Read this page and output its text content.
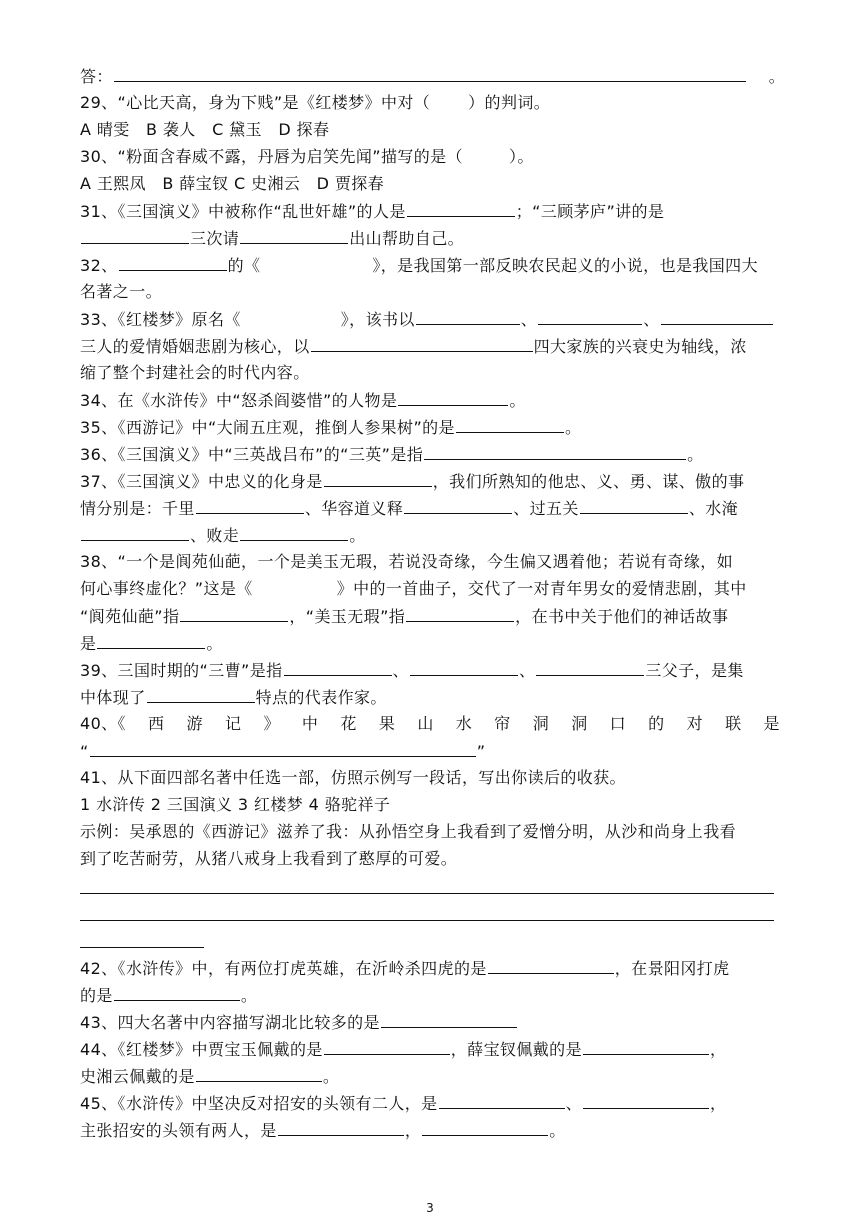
答：	。
29、“心比天高，身为下贱”是《红楼梦》中对（ ）的判词。
A 晴雯　B 袭人　C 黛玉　D 探春
30、“粉面含春威不露，丹唇为启笑先闻”描写的是（	）。
A 王熙凤　B 薛宝钗 C 史湘云　D 贾探春
31、《三国演义》中被称作“乱世奸雄”的人是	；“三顾茅庐”讲的是
三次请	出山帮助自己。
32、	的《	》，是我国第一部反映农民起义的小说，也是我国四大
名著之一。
33、《红楼梦》原名《	》，该书以	、	、
三人的爱情婚姻悲剧为核心，以	四大家族的兴衰史为轴线，浓
缩了整个封建社会的时代内容。
34、在《水浒传》中“怒杀阎婆惜”的人物是	。
35、《西游记》中“大闹五庄观，推倒人参果树”的是	。
36、《三国演义》中“三英战吕布”的“三英”是指	。
37、《三国演义》中忠义的化身是	，我们所熟知的他忠、义、勇、谋、傲的事
情分别是：千里	、华容道义释	、过五关	、水淹
、败走	。
38、“一个是阆苑仙葩，一个是美玉无瑕，若说没奇缘，今生偏又遇着他；若说有奇缘，如
何心事终虚化？”这是《	》中的一首曲子，交代了一对青年男女的爱情悲剧，其中
“阆苑仙葩”指	，“美玉无瑕”指	，在书中关于他们的神话故事
是	。
39、三国时期的“三曹”是指	、	、	三父子，是集
中体现了	特点的代表作家。
40、《 西 游 记 》 中 花 果 山 水 帘 洞 洞 口 的 对 联 是
“	”
41、从下面四部名著中任选一部，仿照示例写一段话，写出你读后的收获。
1 水浒传 2 三国演义 3 红楼梦 4 骆驼祥子
示例：吴承恩的《西游记》滋养了我：从孙悟空身上我看到了爱憎分明，从沙和尚身上我看
到了吃苦耐劳，从猪八戒身上我看到了憨厚的可爱。
42、《水浒传》中，有两位打虎英雄，在沂岭杀四虎的是	，在景阳冈打虎
的是	。
43、四大名著中内容描写湖北比较多的是
44、《红楼梦》中贾宝玉佩戴的是	，薛宝钗佩戴的是	，
史湘云佩戴的是	。
45、《水浒传》中坚决反对招安的头领有二人，是	、	，
主张招安的头领有两人，是	，	。
3
